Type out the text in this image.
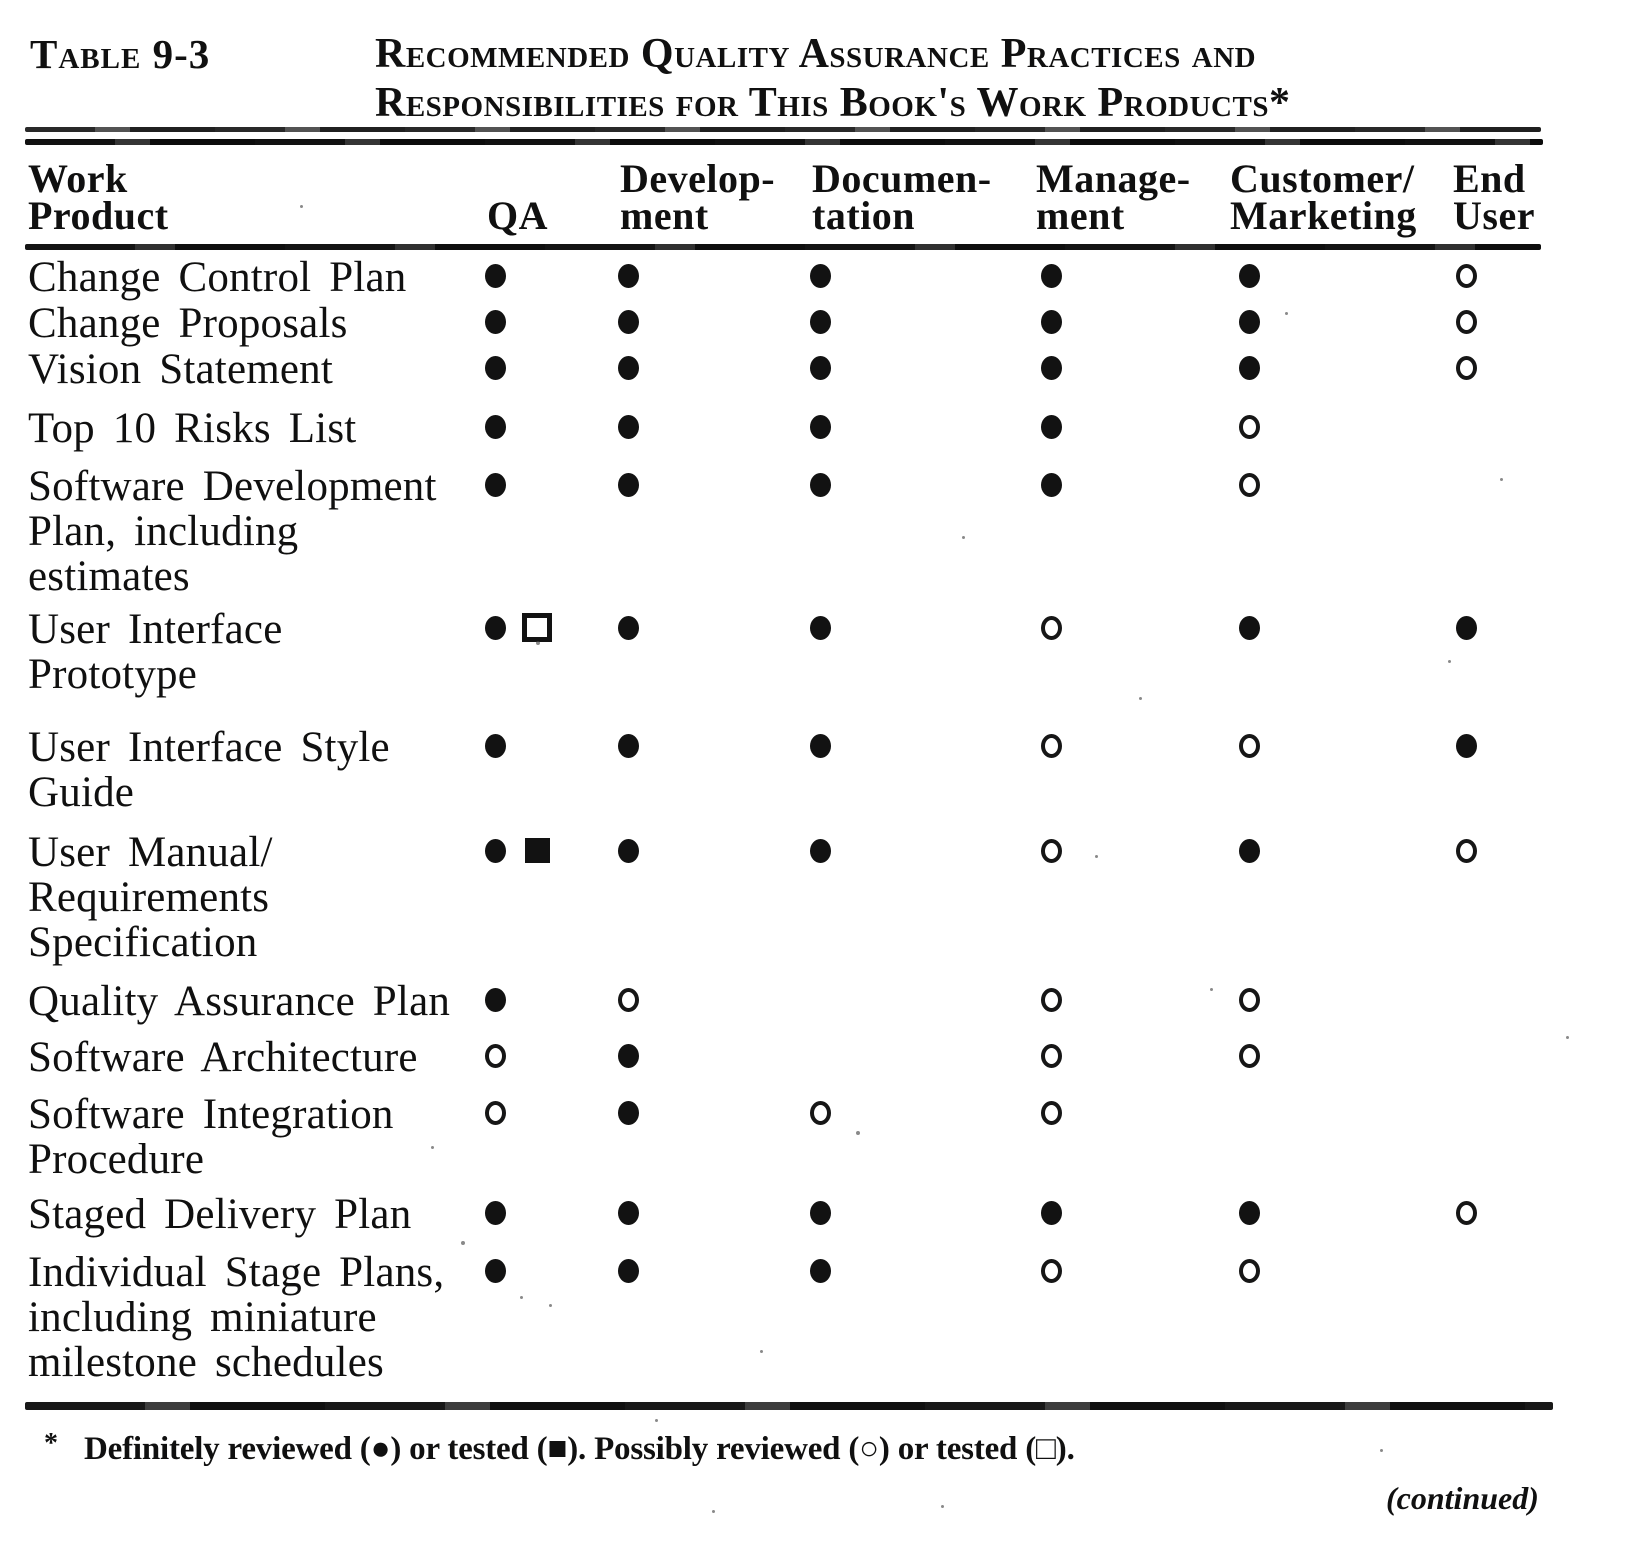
Table 9-3	Recommended Quality Assurance Practices and
Responsibilities for This Book's Work Products*
Work
Product
	QA
Develop-
ment
Documen-
tation
Manage-
ment
Customer/
Marketing
End
User
Change Control Plan
Change Proposals
Vision Statement
Top 10 Risks List
Software Development
Plan, including
estimates
User Interface
Prototype
User Interface Style
Guide
User Manual/
Requirements
Specification
Quality Assurance Plan
Software Architecture
Software Integration
Procedure
Staged Delivery Plan
Individual Stage Plans,
including miniature
milestone schedules
* Definitely reviewed (●) or tested (■). Possibly reviewed (○) or tested (□).
(continued)
